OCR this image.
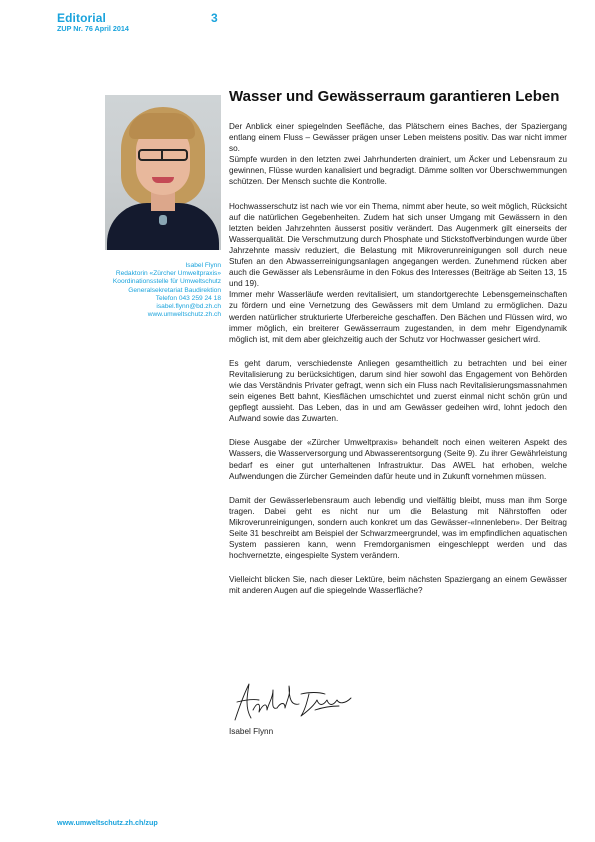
Editorial	3
ZUP Nr. 76 April 2014
Isabel Flynn
Redaktorin «Zürcher Umweltpraxis»
Koordinationsstelle für Umweltschutz
Generalsekretariat Baudirektion
Telefon 043 259 24 18
isabel.flynn@bd.zh.ch
www.umweltschutz.zh.ch
Wasser und Gewässerraum garantieren Leben

Der Anblick einer spiegelnden Seefläche, das Plätschern eines Baches, der Spaziergang entlang einem Fluss – Gewässer prägen unser Leben meistens positiv. Das war nicht immer so.

Sümpfe wurden in den letzten zwei Jahrhunderten drainiert, um Äcker und Lebensraum zu gewinnen, Flüsse wurden kanalisiert und begradigt. Dämme sollten vor Überschwemmungen schützen. Der Mensch suchte die Kontrolle.

Hochwasserschutz ist nach wie vor ein Thema, nimmt aber heute, so weit möglich, Rücksicht auf die natürlichen Gegebenheiten. Zudem hat sich unser Umgang mit Gewässern in den letzten beiden Jahrzehnten äusserst positiv verändert. Das Augenmerk gilt einerseits der Wasserqualität. Die Verschmutzung durch Phosphate und Stickstoffverbindungen wurde über Jahrzehnte massiv reduziert, die Belastung mit Mikroverunreinigungen soll durch neue Stufen an den Abwasserreinigungsanlagen angegangen werden. Zunehmend rücken aber auch die Gewässer als Lebensräume in den Fokus des Interesses (Beiträge ab Seiten 13, 15 und 19).

Immer mehr Wasserläufe werden revitalisiert, um standortgerechte Lebensgemeinschaften zu fördern und eine Vernetzung des Gewässers mit dem Umland zu ermöglichen. Dazu werden natürlicher strukturierte Uferbereiche geschaffen. Den Bächen und Flüssen wird, wo immer möglich, ein breiterer Gewässerraum zugestanden, in dem mehr Eigendynamik möglich ist, mit dem aber gleichzeitig auch der Schutz vor Hochwasser gesichert wird.

Es geht darum, verschiedenste Anliegen gesamtheitlich zu betrachten und bei einer Revitalisierung zu berücksichtigen, darum sind hier sowohl das Engagement von Behörden wie das Verständnis Privater gefragt, wenn sich ein Fluss nach Revitalisierungsmassnahmen sein eigenes Bett bahnt, Kiesflächen umschichtet und zuerst einmal nicht schön grün und gepflegt aussieht. Das Leben, das in und am Gewässer gedeihen wird, lohnt jedoch den Aufwand sowie das Zuwarten.

Diese Ausgabe der «Zürcher Umweltpraxis» behandelt noch einen weiteren Aspekt des Wassers, die Wasserversorgung und Abwasserentsorgung (Seite 9). Zu ihrer Gewährleistung bedarf es einer gut unterhaltenen Infrastruktur. Das AWEL hat erhoben, welche Aufwendungen die Zürcher Gemeinden dafür heute und in Zukunft vornehmen müssen.

Damit der Gewässerlebensraum auch lebendig und vielfältig bleibt, muss man ihm Sorge tragen. Dabei geht es nicht nur um die Belastung mit Nährstoffen oder Mikroverunreinigungen, sondern auch konkret um das Gewässer-«Innenleben». Der Beitrag Seite 31 beschreibt am Beispiel der Schwarzmeergrundel, was im empfindlichen aquatischen System passieren kann, wenn Fremdorganismen eingeschleppt werden und das hochvernetzte, eingespielte System verändern.

Vielleicht blicken Sie, nach dieser Lektüre, beim nächsten Spaziergang an einem Gewässer mit anderen Augen auf die spiegelnde Wasserfläche?

Isabel Flynn
www.umweltschutz.zh.ch/zup
